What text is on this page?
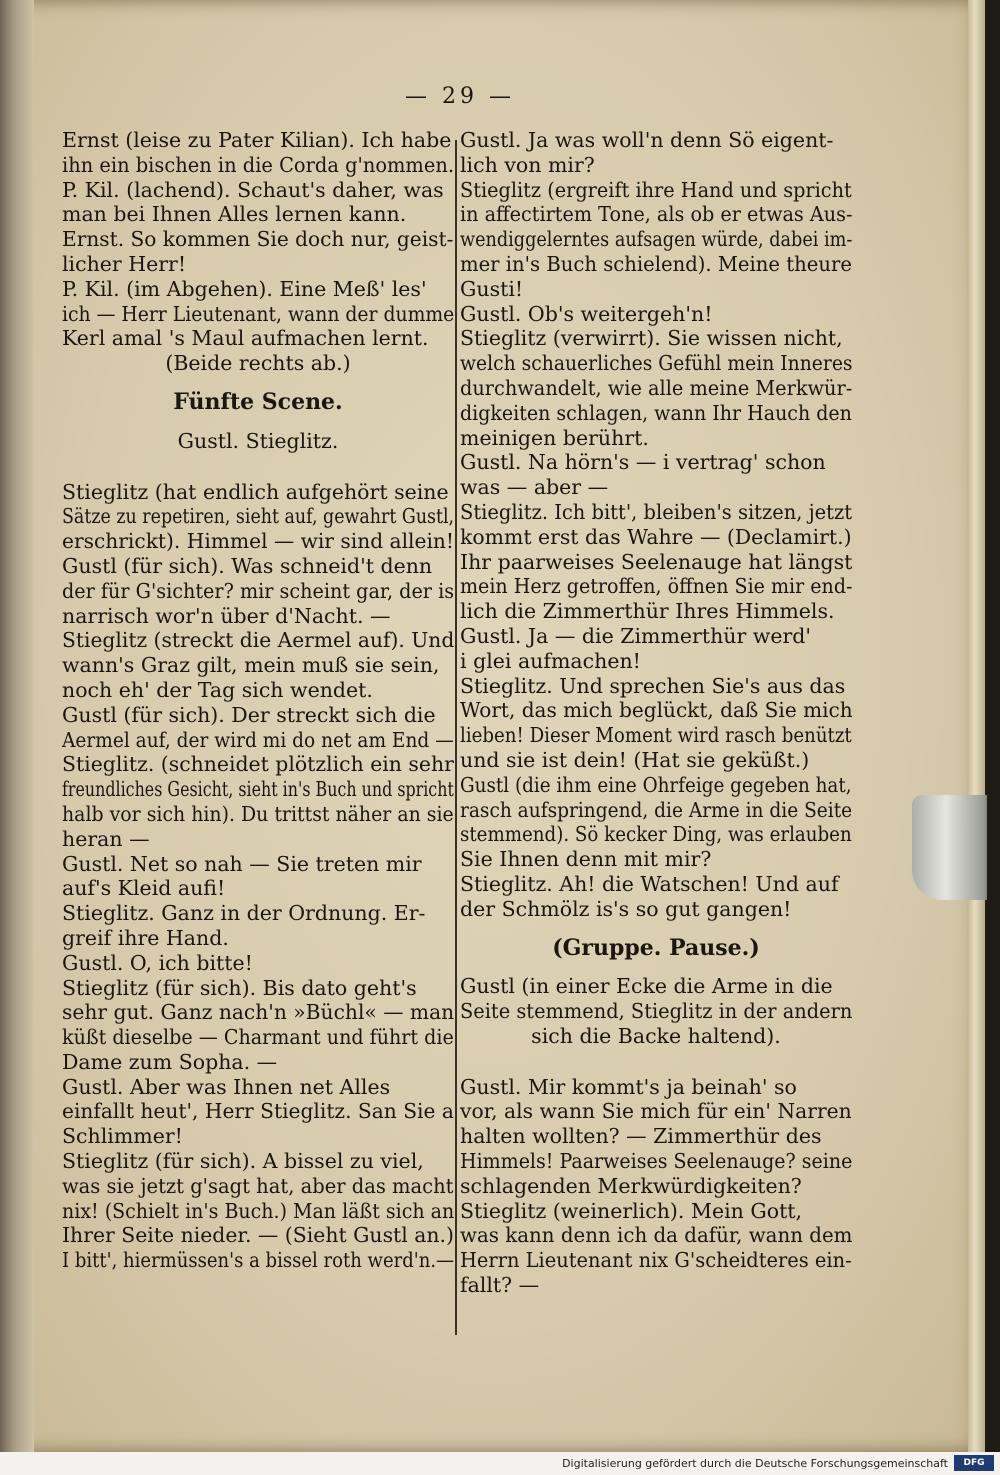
— 29 —
Ernst (leise zu Pater Kilian). Ich habe
ihn ein bischen in die Corda g'nommen.
P. Kil. (lachend). Schaut's daher, was
man bei Ihnen Alles lernen kann.
Ernst. So kommen Sie doch nur, geist-
licher Herr!
P. Kil. (im Abgehen). Eine Meß' les'
ich — Herr Lieutenant, wann der dumme
Kerl amal 's Maul aufmachen lernt.
(Beide rechts ab.)
Fünfte Scene.
Gustl. Stieglitz.
Stieglitz (hat endlich aufgehört seine
Sätze zu repetiren, sieht auf, gewahrt Gustl,
erschrickt). Himmel — wir sind allein!
Gustl (für sich). Was schneid't denn
der für G'sichter? mir scheint gar, der is
narrisch wor'n über d'Nacht. —
Stieglitz (streckt die Aermel auf). Und
wann's Graz gilt, mein muß sie sein,
noch eh' der Tag sich wendet.
Gustl (für sich). Der streckt sich die
Aermel auf, der wird mi do net am End —
Stieglitz. (schneidet plötzlich ein sehr
freundliches Gesicht, sieht in's Buch und spricht
halb vor sich hin). Du trittst näher an sie
heran —
Gustl. Net so nah — Sie treten mir
auf's Kleid aufi!
Stieglitz. Ganz in der Ordnung. Er-
greif ihre Hand.
Gustl. O, ich bitte!
Stieglitz (für sich). Bis dato geht's
sehr gut. Ganz nach'n »Büchl« — man
küßt dieselbe — Charmant und führt die
Dame zum Sopha. —
Gustl. Aber was Ihnen net Alles
einfallt heut', Herr Stieglitz. San Sie a
Schlimmer!
Stieglitz (für sich). A bissel zu viel,
was sie jetzt g'sagt hat, aber das macht
nix! (Schielt in's Buch.) Man läßt sich an
Ihrer Seite nieder. — (Sieht Gustl an.)
I bitt', hiermüssen's a bissel roth werd'n.—
Gustl. Ja was woll'n denn Sö eigent-
lich von mir?
Stieglitz (ergreift ihre Hand und spricht
in affectirtem Tone, als ob er etwas Aus-
wendiggelerntes aufsagen würde, dabei im-
mer in's Buch schielend). Meine theure
Gusti!
Gustl. Ob's weitergeh'n!
Stieglitz (verwirrt). Sie wissen nicht,
welch schauerliches Gefühl mein Inneres
durchwandelt, wie alle meine Merkwür-
digkeiten schlagen, wann Ihr Hauch den
meinigen berührt.
Gustl. Na hörn's — i vertrag' schon
was — aber —
Stieglitz. Ich bitt', bleiben's sitzen, jetzt
kommt erst das Wahre — (Declamirt.)
Ihr paarweises Seelenauge hat längst
mein Herz getroffen, öffnen Sie mir end-
lich die Zimmerthür Ihres Himmels.
Gustl. Ja — die Zimmerthür werd'
i glei aufmachen!
Stieglitz. Und sprechen Sie's aus das
Wort, das mich beglückt, daß Sie mich
lieben! Dieser Moment wird rasch benützt
und sie ist dein! (Hat sie geküßt.)
Gustl (die ihm eine Ohrfeige gegeben hat,
rasch aufspringend, die Arme in die Seite
stemmend). Sö kecker Ding, was erlauben
Sie Ihnen denn mit mir?
Stieglitz. Ah! die Watschen! Und auf
der Schmölz is's so gut gangen!
(Gruppe. Pause.)
Gustl (in einer Ecke die Arme in die
Seite stemmend, Stieglitz in der andern
sich die Backe haltend).
Gustl. Mir kommt's ja beinah' so
vor, als wann Sie mich für ein' Narren
halten wollten? — Zimmerthür des
Himmels! Paarweises Seelenauge? seine
schlagenden Merkwürdigkeiten?
Stieglitz (weinerlich). Mein Gott,
was kann denn ich da dafür, wann dem
Herrn Lieutenant nix G'scheidteres ein-
fallt? —
Digitalisierung gefördert durch die Deutsche Forschungsgemeinschaft	DFG
